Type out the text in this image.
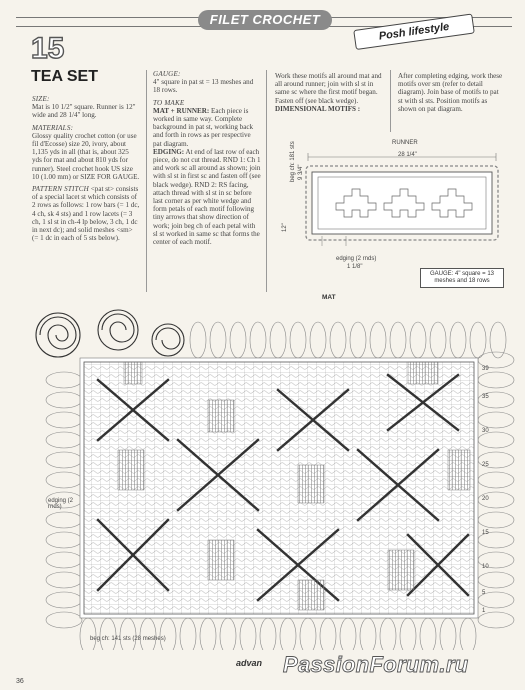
FILET CROCHET
Posh lifestyle
15
TEA SET

SIZE:
Mat is 10 1/2" square. Runner is 12" wide and 28 1/4" long.

MATERIALS:
Glossy quality crochet cotton (or use fil d'Ecosse) size 20, ivory, about 1,135 yds in all (that is, about 325 yds for mat and about 810 yds for runner). Steel crochet hook US size 10 (1.00 mm) or SIZE FOR GAUGE.

PATTERN STITCH <pat st> consists of a special lacet st which consists of 2 rows as follows: 1 row bars (= 1 dc, 4 ch, sk 4 sts) and 1 row lacets (= 3 ch, 1 sl st in ch-4 lp below, 3 ch, 1 dc in next dc); and solid meshes <sm> (= 1 dc in each of 5 sts below).

GAUGE:
4" square in pat st = 13 meshes and 18 rows.

TO MAKE
MAT + RUNNER: Each piece is worked in same way. Complete background in pat st, working back and forth in rows as per respective pat diagram.
EDGING: At end of last row of each piece, do not cut thread. RND 1: Ch 1 and work sc all around as shown; join with sl st in first sc and fasten off (see black wedge). RND 2: RS facing, attach thread with sl st in sc before last corner as per white wedge and form petals of each motif following tiny arrows that show direction of work; join beg ch of each petal with sl st worked in same sc that forms the center of each motif.

Work these motifs all around mat and all around runner; join with sl st in same sc where the first motif began. Fasten off (see black wedge).
DIMENSIONAL MOTIFS :

After completing edging, work these motifs over sm (refer to detail diagram). Join base of motifs to pat st with sl sts. Position motifs as shown on pat diagram.

RUNNER
28 1/4"
12"
beg ch: 181 sts 9 3/4"
edging (2 rnds)
1 1/8"
GAUGE: 4" square = 13 meshes and 18 rows
MAT
edging (2 rnds)
beg ch: 141 sts (28 meshes)
39
35
30
25
20
15
10
5
1
36
advan PassionForum.ru
